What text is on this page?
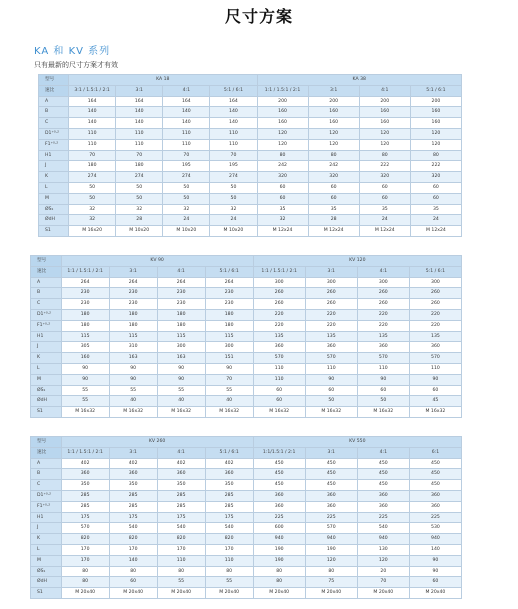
尺寸方案
KA 和 KV 系列
只有最新的尺寸方案才有效
型号	KA 18				KA 38			
速比	3:1 / 1.5:1 / 2:1	3:1	4:1	5:1 / 6:1	1:1 / 1.5:1 / 2:1	3:1	4:1	5:1 / 6:1
A	164	164	164	164	200	200	200	200
B	140	140	140	140	160	160	160	160
C	140	140	140	140	160	160	160	160
D1⁺⁰·²	110	110	110	110	120	120	120	120
F1⁺⁰·²	110	110	110	110	120	120	120	120
H1	70	70	70	70	80	80	80	80
J	180	180	195	195	242	242	222	222
K	274	274	274	274	320	320	320	320
L	50	50	50	50	60	60	60	60
M	50	50	50	50	60	60	60	60
ØS₁	32	32	32	32	35	35	35	35
ØdH	32	28	24	24	32	28	24	24
S1	M 16x20	M 10x20	M 10x20	M 10x20	M 12x24	M 12x24	M 12x24	M 12x24
型号	KV 90				KV 120			
速比	1:1 / 1.5:1 / 2:1	3:1	4:1	5:1 / 6:1	1:1 / 1.5:1 / 2:1	3:1	4:1	5:1 / 6:1
A	264	264	264	264	300	300	300	300
B	230	230	230	230	260	260	260	260
C	230	230	230	230	260	260	260	260
D1⁺⁰·²	180	180	180	180	220	220	220	220
F1⁺⁰·²	180	180	180	180	220	220	220	220
H1	115	115	115	115	135	135	135	135
J	305	310	300	300	360	360	360	360
K	160	163	163	151	570	570	570	570
L	90	90	90	90	110	110	110	110
M	90	90	90	70	110	90	90	90
ØS₁	55	55	55	55	60	60	60	60
ØdH	55	40	40	40	60	50	50	45
S1	M 16x32	M 16x32	M 16x32	M 16x32	M 16x32	M 16x32	M 16x32	M 16x32
型号	KV 260				KV 550			
速比	1:1 / 1.5:1 / 2:1	3:1	4:1	5:1 / 6:1	1:1/1.5:1 / 2:1	3:1	4:1	6:1
A	402	402	402	402	450	450	450	450
B	360	360	360	360	450	450	450	450
C	350	350	350	350	450	450	450	450
D1⁺⁰·²	285	285	285	285	360	360	360	360
F1⁺⁰·²	285	285	285	285	360	360	360	360
H1	175	175	175	175	225	225	225	225
J	570	540	540	540	600	570	540	530
K	820	820	820	820	940	940	940	940
L	170	170	170	170	190	190	130	140
M	170	140	110	110	190	120	120	90
ØS₁	80	80	80	80	80	80	20	90
ØdH	80	60	55	55	80	75	70	60
S1	M 20x40	M 20x40	M 20x40	M 20x40	M 20x40	M 20x40	M 20x40	M 20x40
